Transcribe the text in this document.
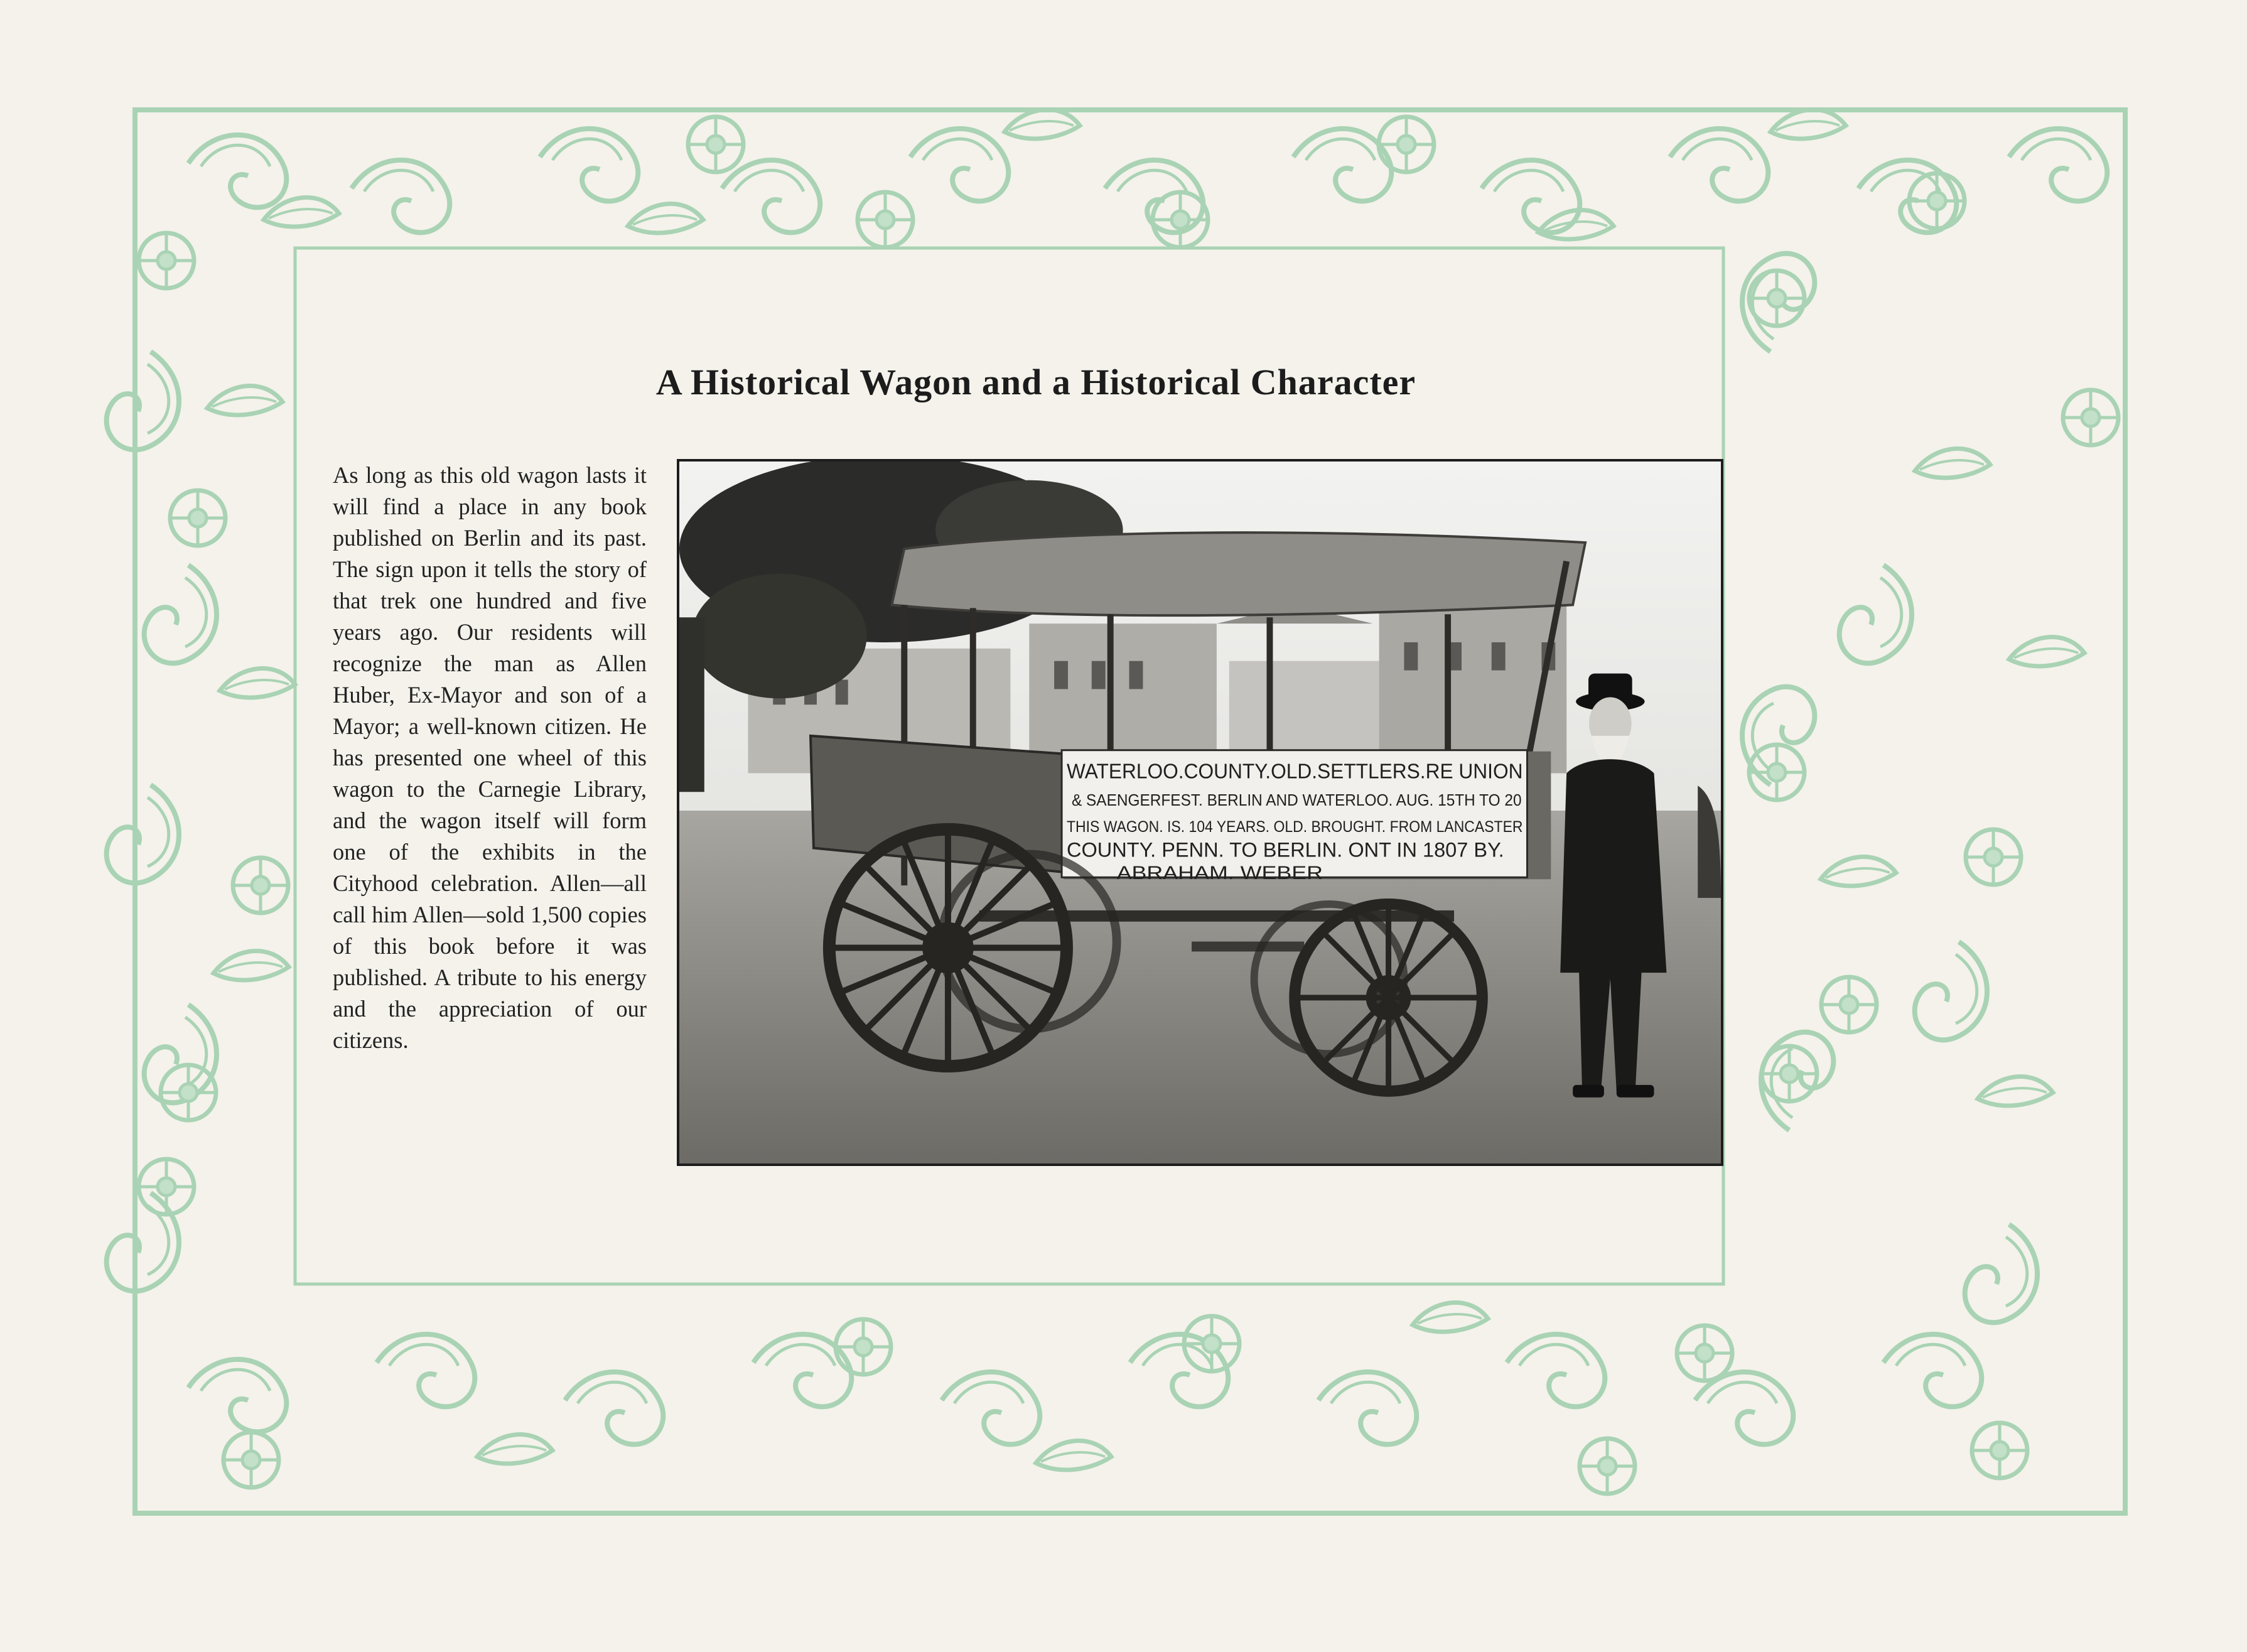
A Historical Wagon and a Historical Character
As long as this old wagon lasts it will find a place in any book published on Berlin and its past. The sign upon it tells the story of that trek one hundred and five years ago. Our residents will recognize the man as Allen Huber, Ex-Mayor and son of a Mayor; a well-known citizen. He has presented one wheel of this wagon to the Carnegie Library, and the wagon itself will form one of the exhibits in the Cityhood celebration. Allen—all call him Allen—sold 1,500 copies of this book before it was published. A tribute to his energy and the appreciation of our citizens.
WATERLOO.COUNTY.OLD.SETTLERS.RE UNION
& SAENGERFEST. BERLIN AND WATERLOO. AUG. 15TH TO 20
THIS WAGON. IS. 104 YEARS. OLD. BROUGHT. FROM LANCASTER
COUNTY. PENN. TO BERLIN. ONT IN 1807 BY.
ABRAHAM. WEBER
